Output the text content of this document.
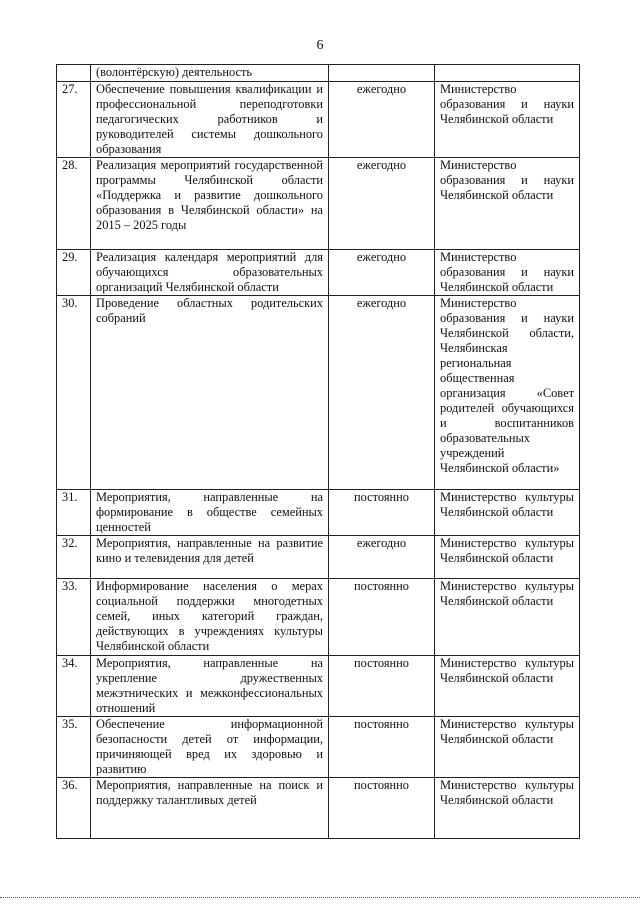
6
	(волонтёрскую) деятельность		
27.	Обеспечение повышения квалификации и профессиональной переподготовки педагогических работников и руководителей системы дошкольного образования	ежегодно	Министерство образования и науки Челябинской области
28.	Реализация мероприятий государственной программы Челябинской области «Поддержка и развитие дошкольного образования в Челябинской области» на 2015 – 2025 годы	ежегодно	Министерство образования и науки Челябинской области
29.	Реализация календаря мероприятий для обучающихся образовательных организаций Челябинской области	ежегодно	Министерство образования и науки Челябинской области
30.	Проведение областных родительских собраний	ежегодно	Министерство образования и науки Челябинской области, Челябинская региональная общественная организация «Совет родителей обучающихся и воспитанников образовательных учреждений Челябинской области»
31.	Мероприятия, направленные на формирование в обществе семейных ценностей	постоянно	Министерство культуры Челябинской области
32.	Мероприятия, направленные на развитие кино и телевидения для детей	ежегодно	Министерство культуры Челябинской области
33.	Информирование населения о мерах социальной поддержки многодетных семей, иных категорий граждан, действующих в учреждениях культуры Челябинской области	постоянно	Министерство культуры Челябинской области
34.	Мероприятия, направленные на укрепление дружественных межэтнических и межконфессиональных отношений	постоянно	Министерство культуры Челябинской области
35.	Обеспечение информационной безопасности детей от информации, причиняющей вред их здоровью и развитию	постоянно	Министерство культуры Челябинской области
36.	Мероприятия, направленные на поиск и поддержку талантливых детей	постоянно	Министерство культуры Челябинской области
